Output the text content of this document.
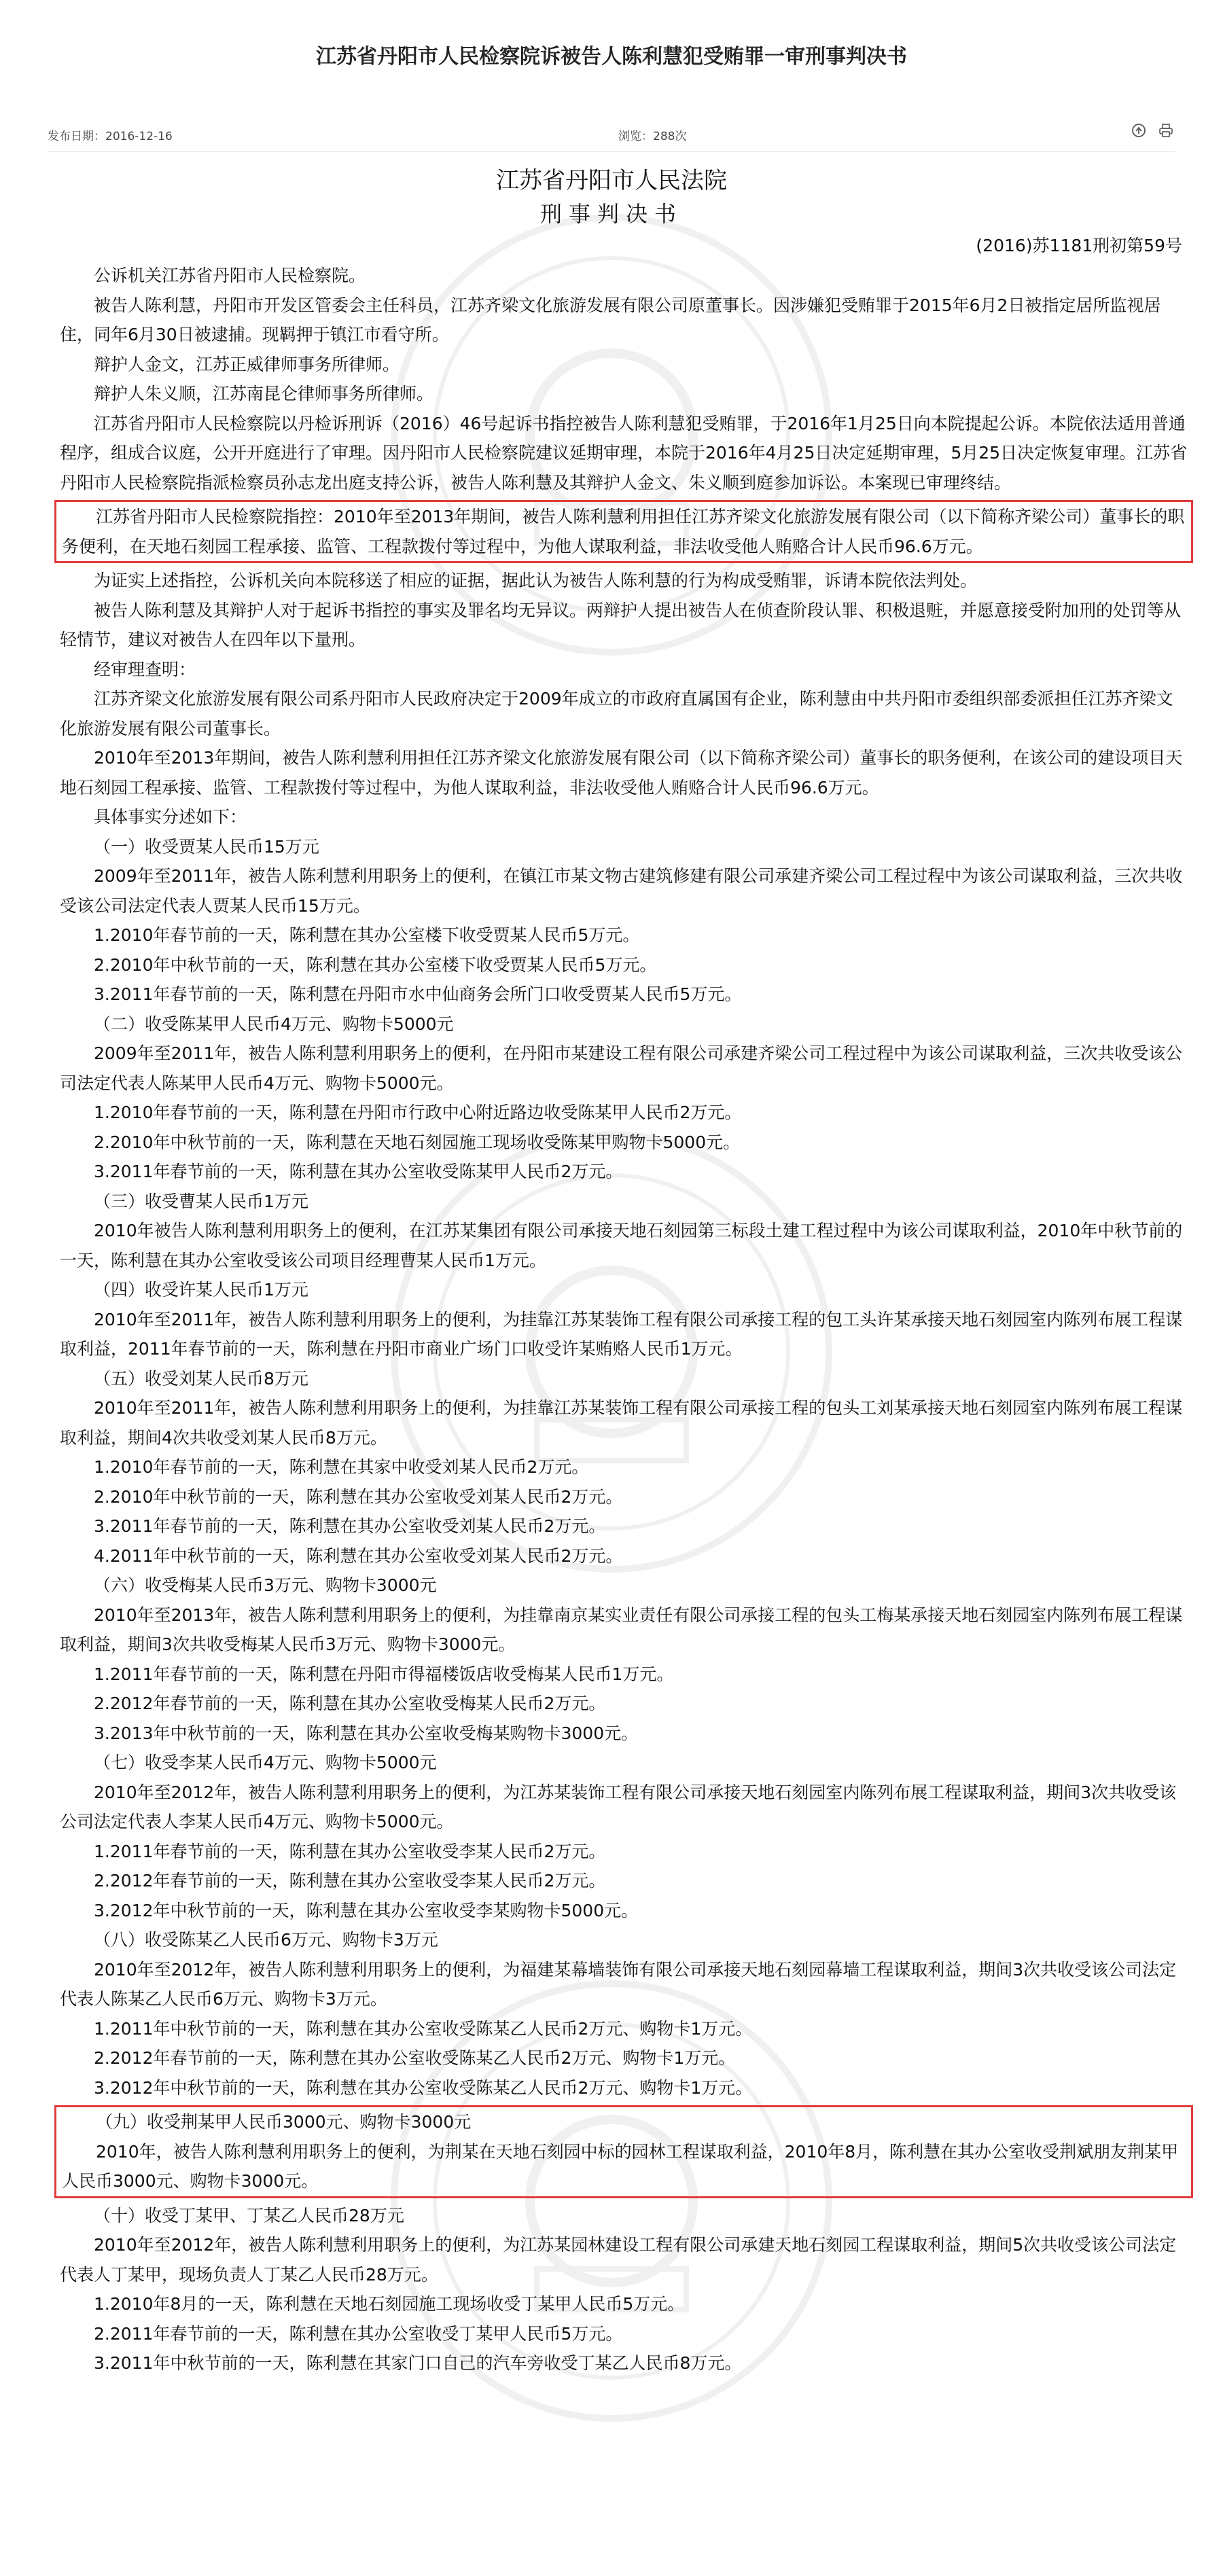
江苏省丹阳市人民检察院诉被告人陈利慧犯受贿罪一审刑事判决书
发布日期：2016-12-16	浏览：288次
江苏省丹阳市人民法院
刑事判决书
(2016)苏1181刑初第59号

公诉机关江苏省丹阳市人民检察院。

被告人陈利慧，丹阳市开发区管委会主任科员，江苏齐梁文化旅游发展有限公司原董事长。因涉嫌犯受贿罪于2015年6月2日被指定居所监视居住，同年6月30日被逮捕。现羁押于镇江市看守所。

辩护人金文，江苏正威律师事务所律师。

辩护人朱义顺，江苏南昆仑律师事务所律师。

江苏省丹阳市人民检察院以丹检诉刑诉（2016）46号起诉书指控被告人陈利慧犯受贿罪，于2016年1月25日向本院提起公诉。本院依法适用普通程序，组成合议庭，公开开庭进行了审理。因丹阳市人民检察院建议延期审理，本院于2016年4月25日决定延期审理，5月25日决定恢复审理。江苏省丹阳市人民检察院指派检察员孙志龙出庭支持公诉，被告人陈利慧及其辩护人金文、朱义顺到庭参加诉讼。本案现已审理终结。

江苏省丹阳市人民检察院指控：2010年至2013年期间，被告人陈利慧利用担任江苏齐梁文化旅游发展有限公司（以下简称齐梁公司）董事长的职务便利，在天地石刻园工程承接、监管、工程款拨付等过程中，为他人谋取利益，非法收受他人贿赂合计人民币96.6万元。

为证实上述指控，公诉机关向本院移送了相应的证据，据此认为被告人陈利慧的行为构成受贿罪，诉请本院依法判处。

被告人陈利慧及其辩护人对于起诉书指控的事实及罪名均无异议。两辩护人提出被告人在侦查阶段认罪、积极退赃，并愿意接受附加刑的处罚等从轻情节，建议对被告人在四年以下量刑。

经审理查明：

江苏齐梁文化旅游发展有限公司系丹阳市人民政府决定于2009年成立的市政府直属国有企业，陈利慧由中共丹阳市委组织部委派担任江苏齐梁文化旅游发展有限公司董事长。

2010年至2013年期间，被告人陈利慧利用担任江苏齐梁文化旅游发展有限公司（以下简称齐梁公司）董事长的职务便利，在该公司的建设项目天地石刻园工程承接、监管、工程款拨付等过程中，为他人谋取利益，非法收受他人贿赂合计人民币96.6万元。

具体事实分述如下：

（一）收受贾某人民币15万元

2009年至2011年，被告人陈利慧利用职务上的便利，在镇江市某文物古建筑修建有限公司承建齐梁公司工程过程中为该公司谋取利益，三次共收受该公司法定代表人贾某人民币15万元。

1.2010年春节前的一天，陈利慧在其办公室楼下收受贾某人民币5万元。

2.2010年中秋节前的一天，陈利慧在其办公室楼下收受贾某人民币5万元。

3.2011年春节前的一天，陈利慧在丹阳市水中仙商务会所门口收受贾某人民币5万元。

（二）收受陈某甲人民币4万元、购物卡5000元

2009年至2011年，被告人陈利慧利用职务上的便利，在丹阳市某建设工程有限公司承建齐梁公司工程过程中为该公司谋取利益，三次共收受该公司法定代表人陈某甲人民币4万元、购物卡5000元。

1.2010年春节前的一天，陈利慧在丹阳市行政中心附近路边收受陈某甲人民币2万元。

2.2010年中秋节前的一天，陈利慧在天地石刻园施工现场收受陈某甲购物卡5000元。

3.2011年春节前的一天，陈利慧在其办公室收受陈某甲人民币2万元。

（三）收受曹某人民币1万元

2010年被告人陈利慧利用职务上的便利，在江苏某集团有限公司承接天地石刻园第三标段土建工程过程中为该公司谋取利益，2010年中秋节前的一天，陈利慧在其办公室收受该公司项目经理曹某人民币1万元。

（四）收受许某人民币1万元

2010年至2011年，被告人陈利慧利用职务上的便利，为挂靠江苏某装饰工程有限公司承接工程的包工头许某承接天地石刻园室内陈列布展工程谋取利益，2011年春节前的一天，陈利慧在丹阳市商业广场门口收受许某贿赂人民币1万元。

（五）收受刘某人民币8万元

2010年至2011年，被告人陈利慧利用职务上的便利，为挂靠江苏某装饰工程有限公司承接工程的包头工刘某承接天地石刻园室内陈列布展工程谋取利益，期间4次共收受刘某人民币8万元。

1.2010年春节前的一天，陈利慧在其家中收受刘某人民币2万元。

2.2010年中秋节前的一天，陈利慧在其办公室收受刘某人民币2万元。

3.2011年春节前的一天，陈利慧在其办公室收受刘某人民币2万元。

4.2011年中秋节前的一天，陈利慧在其办公室收受刘某人民币2万元。

（六）收受梅某人民币3万元、购物卡3000元

2010年至2013年，被告人陈利慧利用职务上的便利，为挂靠南京某实业责任有限公司承接工程的包头工梅某承接天地石刻园室内陈列布展工程谋取利益，期间3次共收受梅某人民币3万元、购物卡3000元。

1.2011年春节前的一天，陈利慧在丹阳市得福楼饭店收受梅某人民币1万元。

2.2012年春节前的一天，陈利慧在其办公室收受梅某人民币2万元。

3.2013年中秋节前的一天，陈利慧在其办公室收受梅某购物卡3000元。

（七）收受李某人民币4万元、购物卡5000元

2010年至2012年，被告人陈利慧利用职务上的便利，为江苏某装饰工程有限公司承接天地石刻园室内陈列布展工程谋取利益，期间3次共收受该公司法定代表人李某人民币4万元、购物卡5000元。

1.2011年春节前的一天，陈利慧在其办公室收受李某人民币2万元。

2.2012年春节前的一天，陈利慧在其办公室收受李某人民币2万元。

3.2012年中秋节前的一天，陈利慧在其办公室收受李某购物卡5000元。

（八）收受陈某乙人民币6万元、购物卡3万元

2010年至2012年，被告人陈利慧利用职务上的便利，为福建某幕墙装饰有限公司承接天地石刻园幕墙工程谋取利益，期间3次共收受该公司法定代表人陈某乙人民币6万元、购物卡3万元。

1.2011年中秋节前的一天，陈利慧在其办公室收受陈某乙人民币2万元、购物卡1万元。

2.2012年春节前的一天，陈利慧在其办公室收受陈某乙人民币2万元、购物卡1万元。

3.2012年中秋节前的一天，陈利慧在其办公室收受陈某乙人民币2万元、购物卡1万元。

（九）收受荆某甲人民币3000元、购物卡3000元

2010年，被告人陈利慧利用职务上的便利，为荆某在天地石刻园中标的园林工程谋取利益，2010年8月，陈利慧在其办公室收受荆斌朋友荆某甲人民币3000元、购物卡3000元。

（十）收受丁某甲、丁某乙人民币28万元

2010年至2012年，被告人陈利慧利用职务上的便利，为江苏某园林建设工程有限公司承建天地石刻园工程谋取利益，期间5次共收受该公司法定代表人丁某甲，现场负责人丁某乙人民币28万元。

1.2010年8月的一天，陈利慧在天地石刻园施工现场收受丁某甲人民币5万元。

2.2011年春节前的一天，陈利慧在其办公室收受丁某甲人民币5万元。

3.2011年中秋节前的一天，陈利慧在其家门口自己的汽车旁收受丁某乙人民币8万元。
